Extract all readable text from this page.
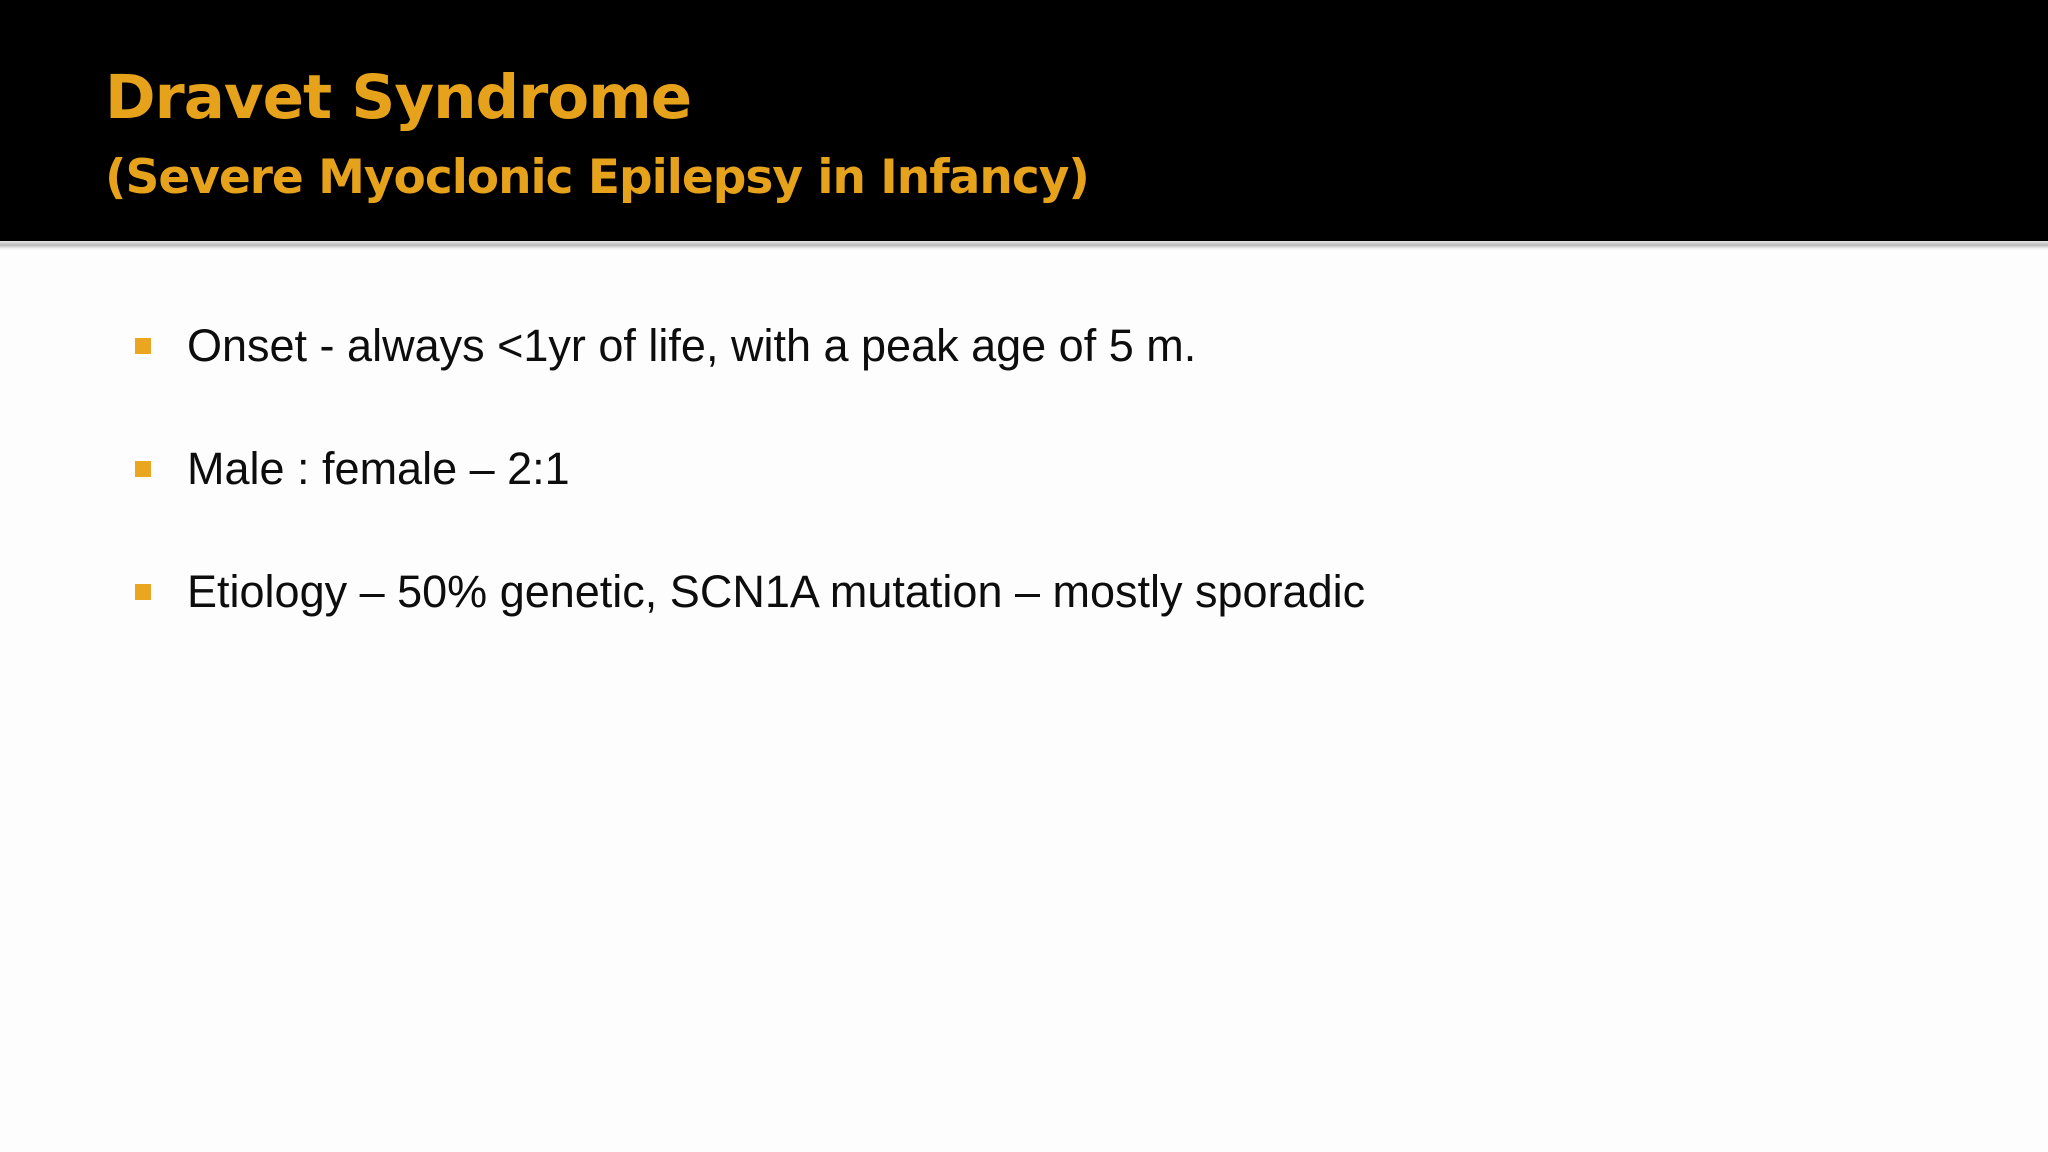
Dravet Syndrome
(Severe Myoclonic Epilepsy in Infancy)
Onset - always <1yr of life, with a peak age of 5 m.
Male : female – 2:1
Etiology – 50% genetic, SCN1A mutation – mostly sporadic
